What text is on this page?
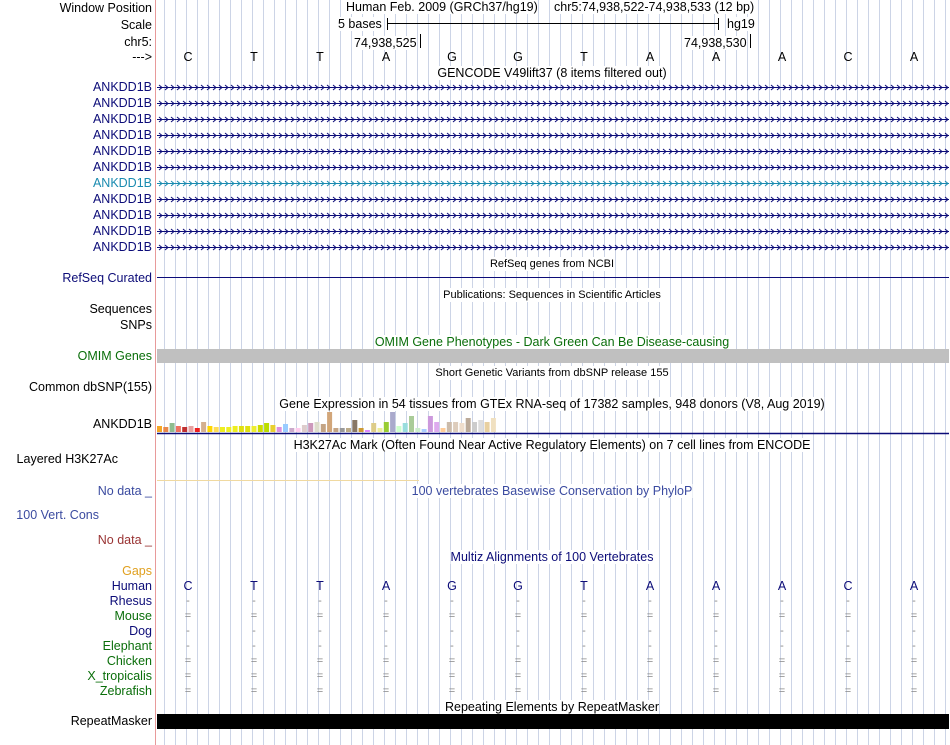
Window Position
Scale
chr5:
--->
Human Feb. 2009 (GRCh37/hg19) chr5:74,938,522-74,938,533 (12 bp)
5 bases	hg19
74,938,525	74,938,530
C	T	T	A	G	G	T	A	A	A	C	A
GENCODE V49lift37 (8 items filtered out)
ANKDD1B
ANKDD1B
ANKDD1B
ANKDD1B
ANKDD1B
ANKDD1B
ANKDD1B
ANKDD1B
ANKDD1B
ANKDD1B
ANKDD1B
RefSeq genes from NCBI
RefSeq Curated
Publications: Sequences in Scientific Articles
Sequences
SNPs
OMIM Gene Phenotypes - Dark Green Can Be Disease-causing
OMIM Genes
Short Genetic Variants from dbSNP release 155
Common dbSNP(155)
Gene Expression in 54 tissues from GTEx RNA-seq of 17382 samples, 948 donors (V8, Aug 2019)
ANKDD1B
H3K27Ac Mark (Often Found Near Active Regulatory Elements) on 7 cell lines from ENCODE
Layered H3K27Ac
No data _	100 vertebrates Basewise Conservation by PhyloP
100 Vert. Cons
No data _
Multiz Alignments of 100 Vertebrates
Gaps
Human	C	T	T	A	G	G	T	A	A	A	C	A
Rhesus	-	-	-	-	-	-	-	-	-	-	-	-
Mouse	=	=	=	=	=	=	=	=	=	=	=	=
Dog	-	-	-	-	-	-	-	-	-	-	-	-
Elephant	-	-	-	-	-	-	-	-	-	-	-	-
Chicken	=	=	=	=	=	=	=	=	=	=	=	=
X_tropicalis	=	=	=	=	=	=	=	=	=	=	=	=
Zebrafish	=	=	=	=	=	=	=	=	=	=	=	=
Repeating Elements by RepeatMasker
RepeatMasker
